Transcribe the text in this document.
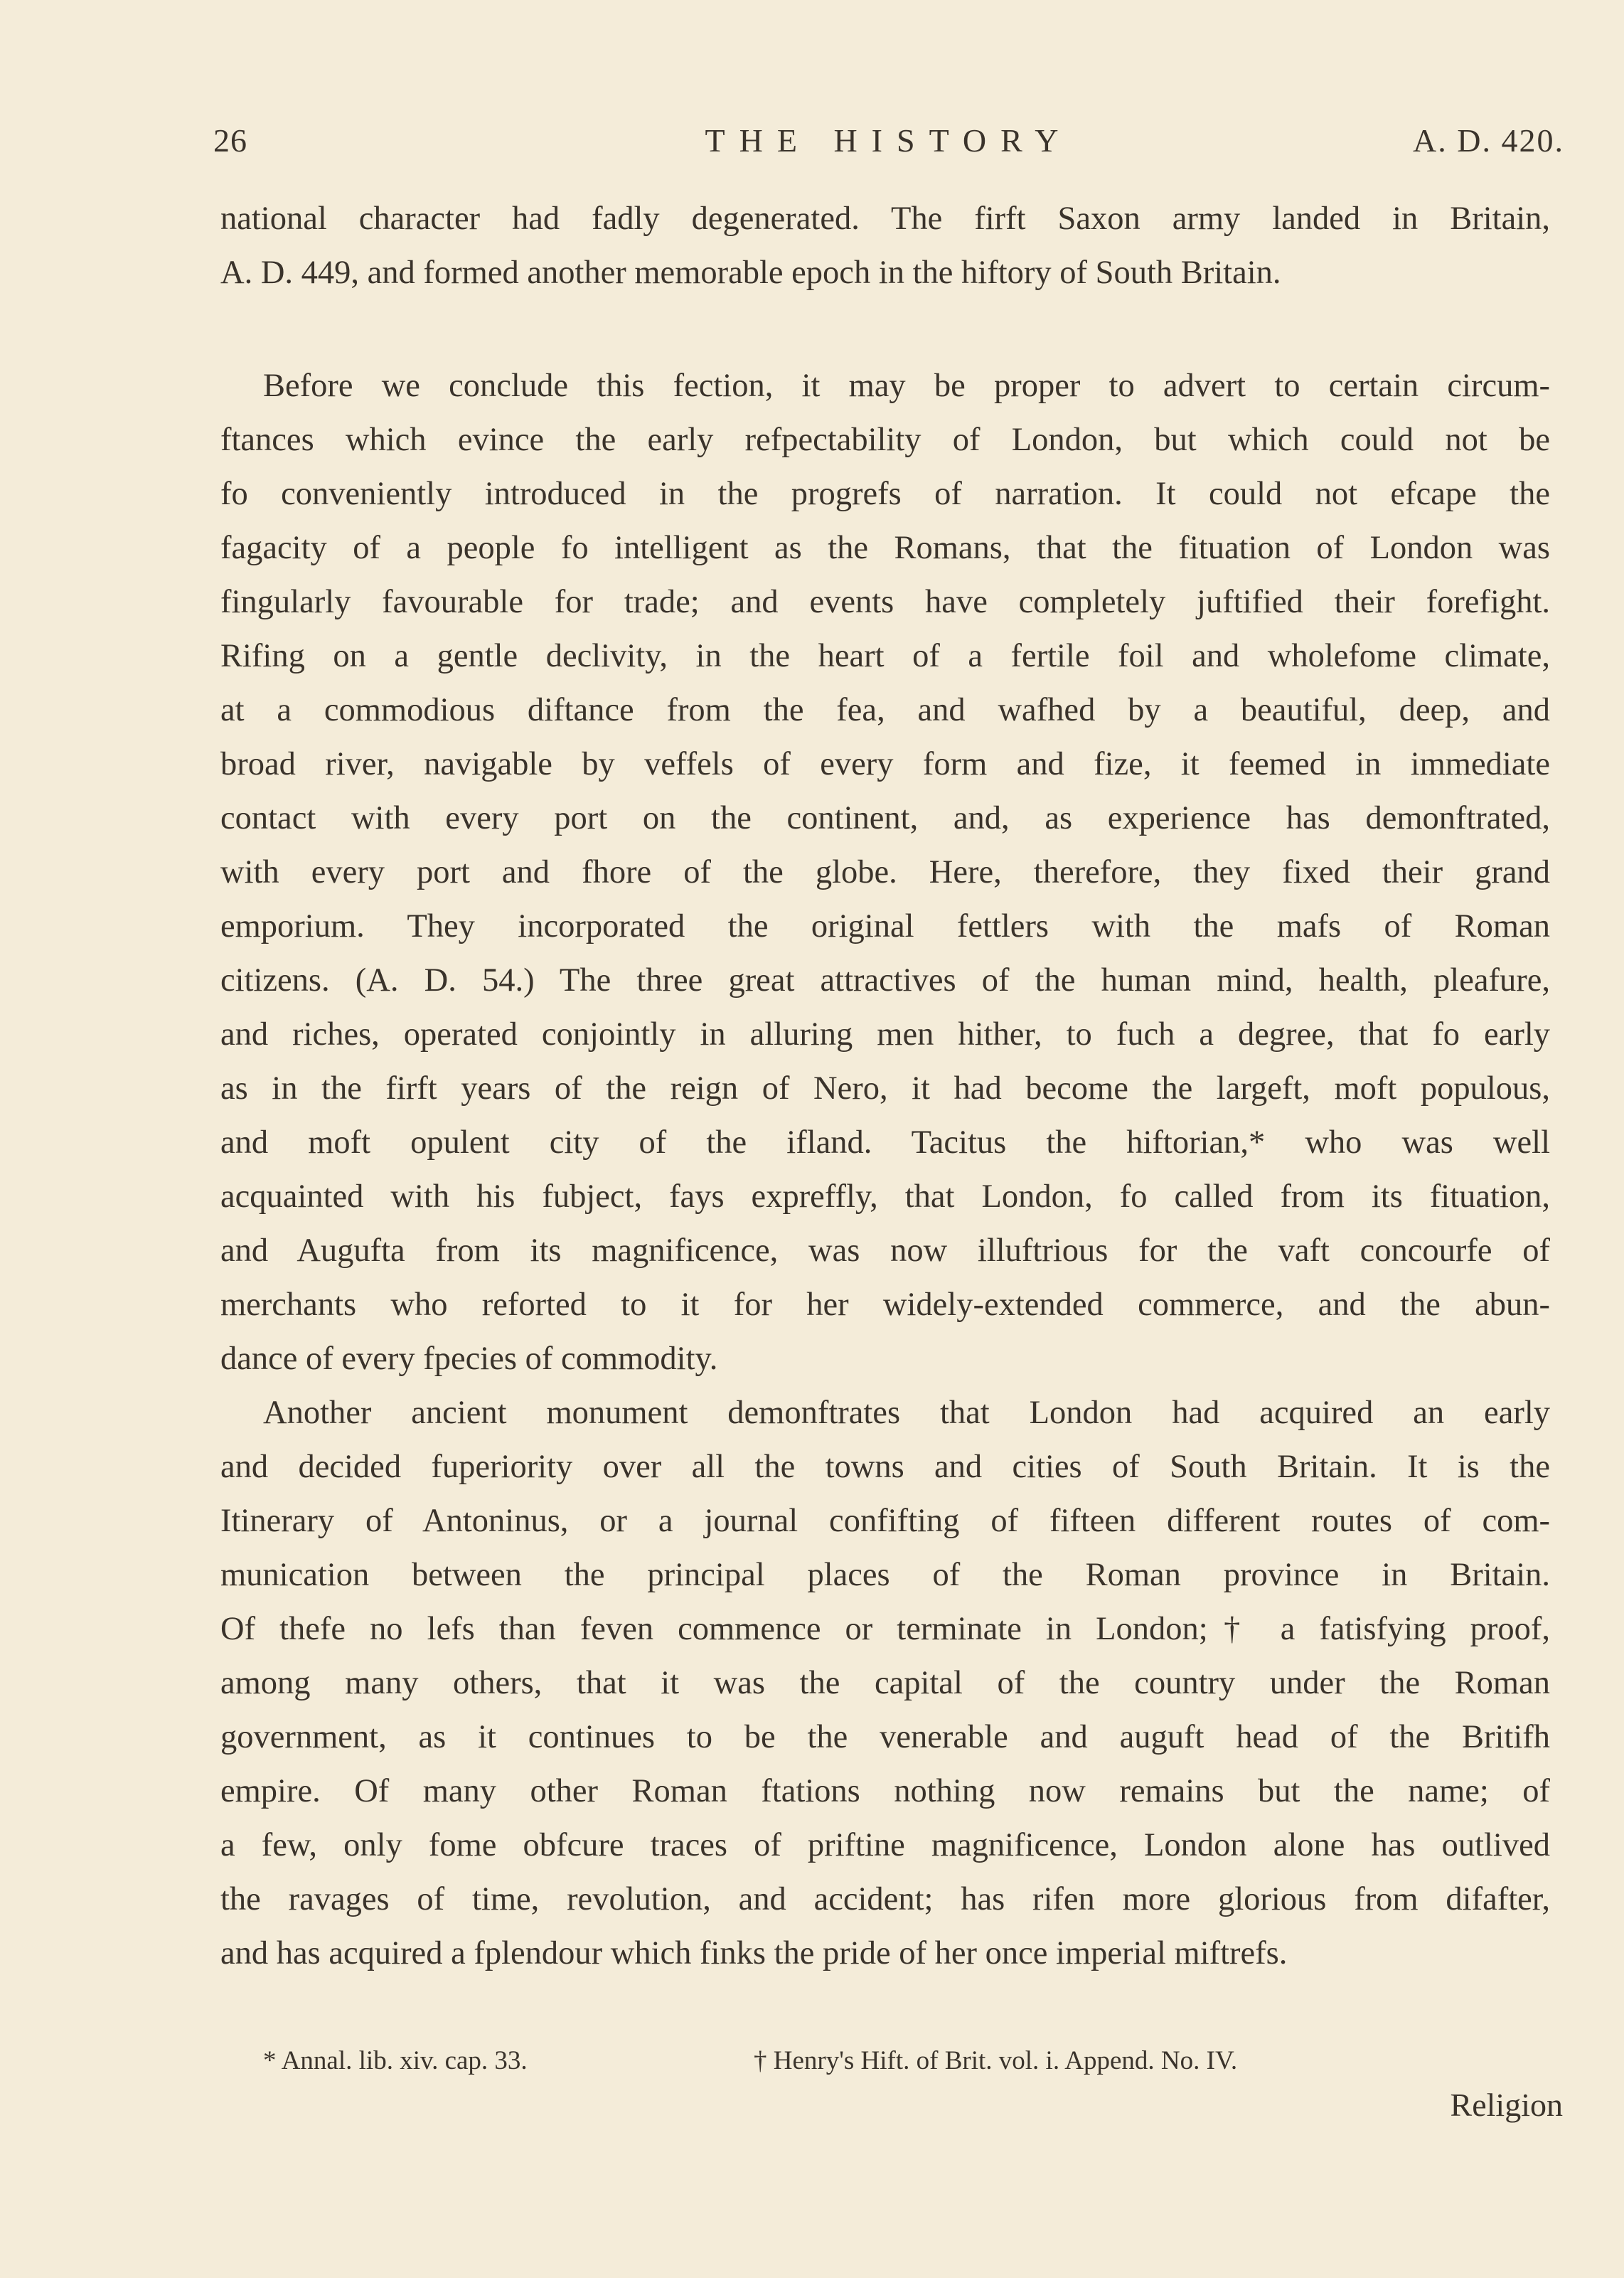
26	THE HISTORY	A. D. 420.
national character had fadly degenerated. The firft Saxon army landed in Britain,
A. D. 449, and formed another memorable epoch in the hiftory of South Britain.
Before we conclude this fection, it may be proper to advert to certain circum-
ftances which evince the early refpectability of London, but which could not be
fo conveniently introduced in the progrefs of narration. It could not efcape the
fagacity of a people fo intelligent as the Romans, that the fituation of London was
fingularly favourable for trade; and events have completely juftified their forefight.
Rifing on a gentle declivity, in the heart of a fertile foil and wholefome climate,
at a commodious diftance from the fea, and wafhed by a beautiful, deep, and
broad river, navigable by veffels of every form and fize, it feemed in immediate
contact with every port on the continent, and, as experience has demonftrated,
with every port and fhore of the globe. Here, therefore, they fixed their grand
emporium. They incorporated the original fettlers with the mafs of Roman
citizens. (A. D. 54.) The three great attractives of the human mind, health, pleafure,
and riches, operated conjointly in alluring men hither, to fuch a degree, that fo early
as in the firft years of the reign of Nero, it had become the largeft, moft populous,
and moft opulent city of the ifland. Tacitus the hiftorian,* who was well
acquainted with his fubject, fays expreffly, that London, fo called from its fituation,
and Augufta from its magnificence, was now illuftrious for the vaft concourfe of
merchants who reforted to it for her widely-extended commerce, and the abun-
dance of every fpecies of commodity.
Another ancient monument demonftrates that London had acquired an early
and decided fuperiority over all the towns and cities of South Britain. It is the
Itinerary of Antoninus, or a journal confifting of fifteen different routes of com-
munication between the principal places of the Roman province in Britain.
Of thefe no lefs than feven commence or terminate in London;† a fatisfying proof,
among many others, that it was the capital of the country under the Roman
government, as it continues to be the venerable and auguft head of the Britifh
empire. Of many other Roman ftations nothing now remains but the name; of
a few, only fome obfcure traces of priftine magnificence, London alone has outlived
the ravages of time, revolution, and accident; has rifen more glorious from difafter,
and has acquired a fplendour which finks the pride of her once imperial miftrefs.
* Annal. lib. xiv. cap. 33.	† Henry's Hift. of Brit. vol. i. Append. No. IV.
Religion
